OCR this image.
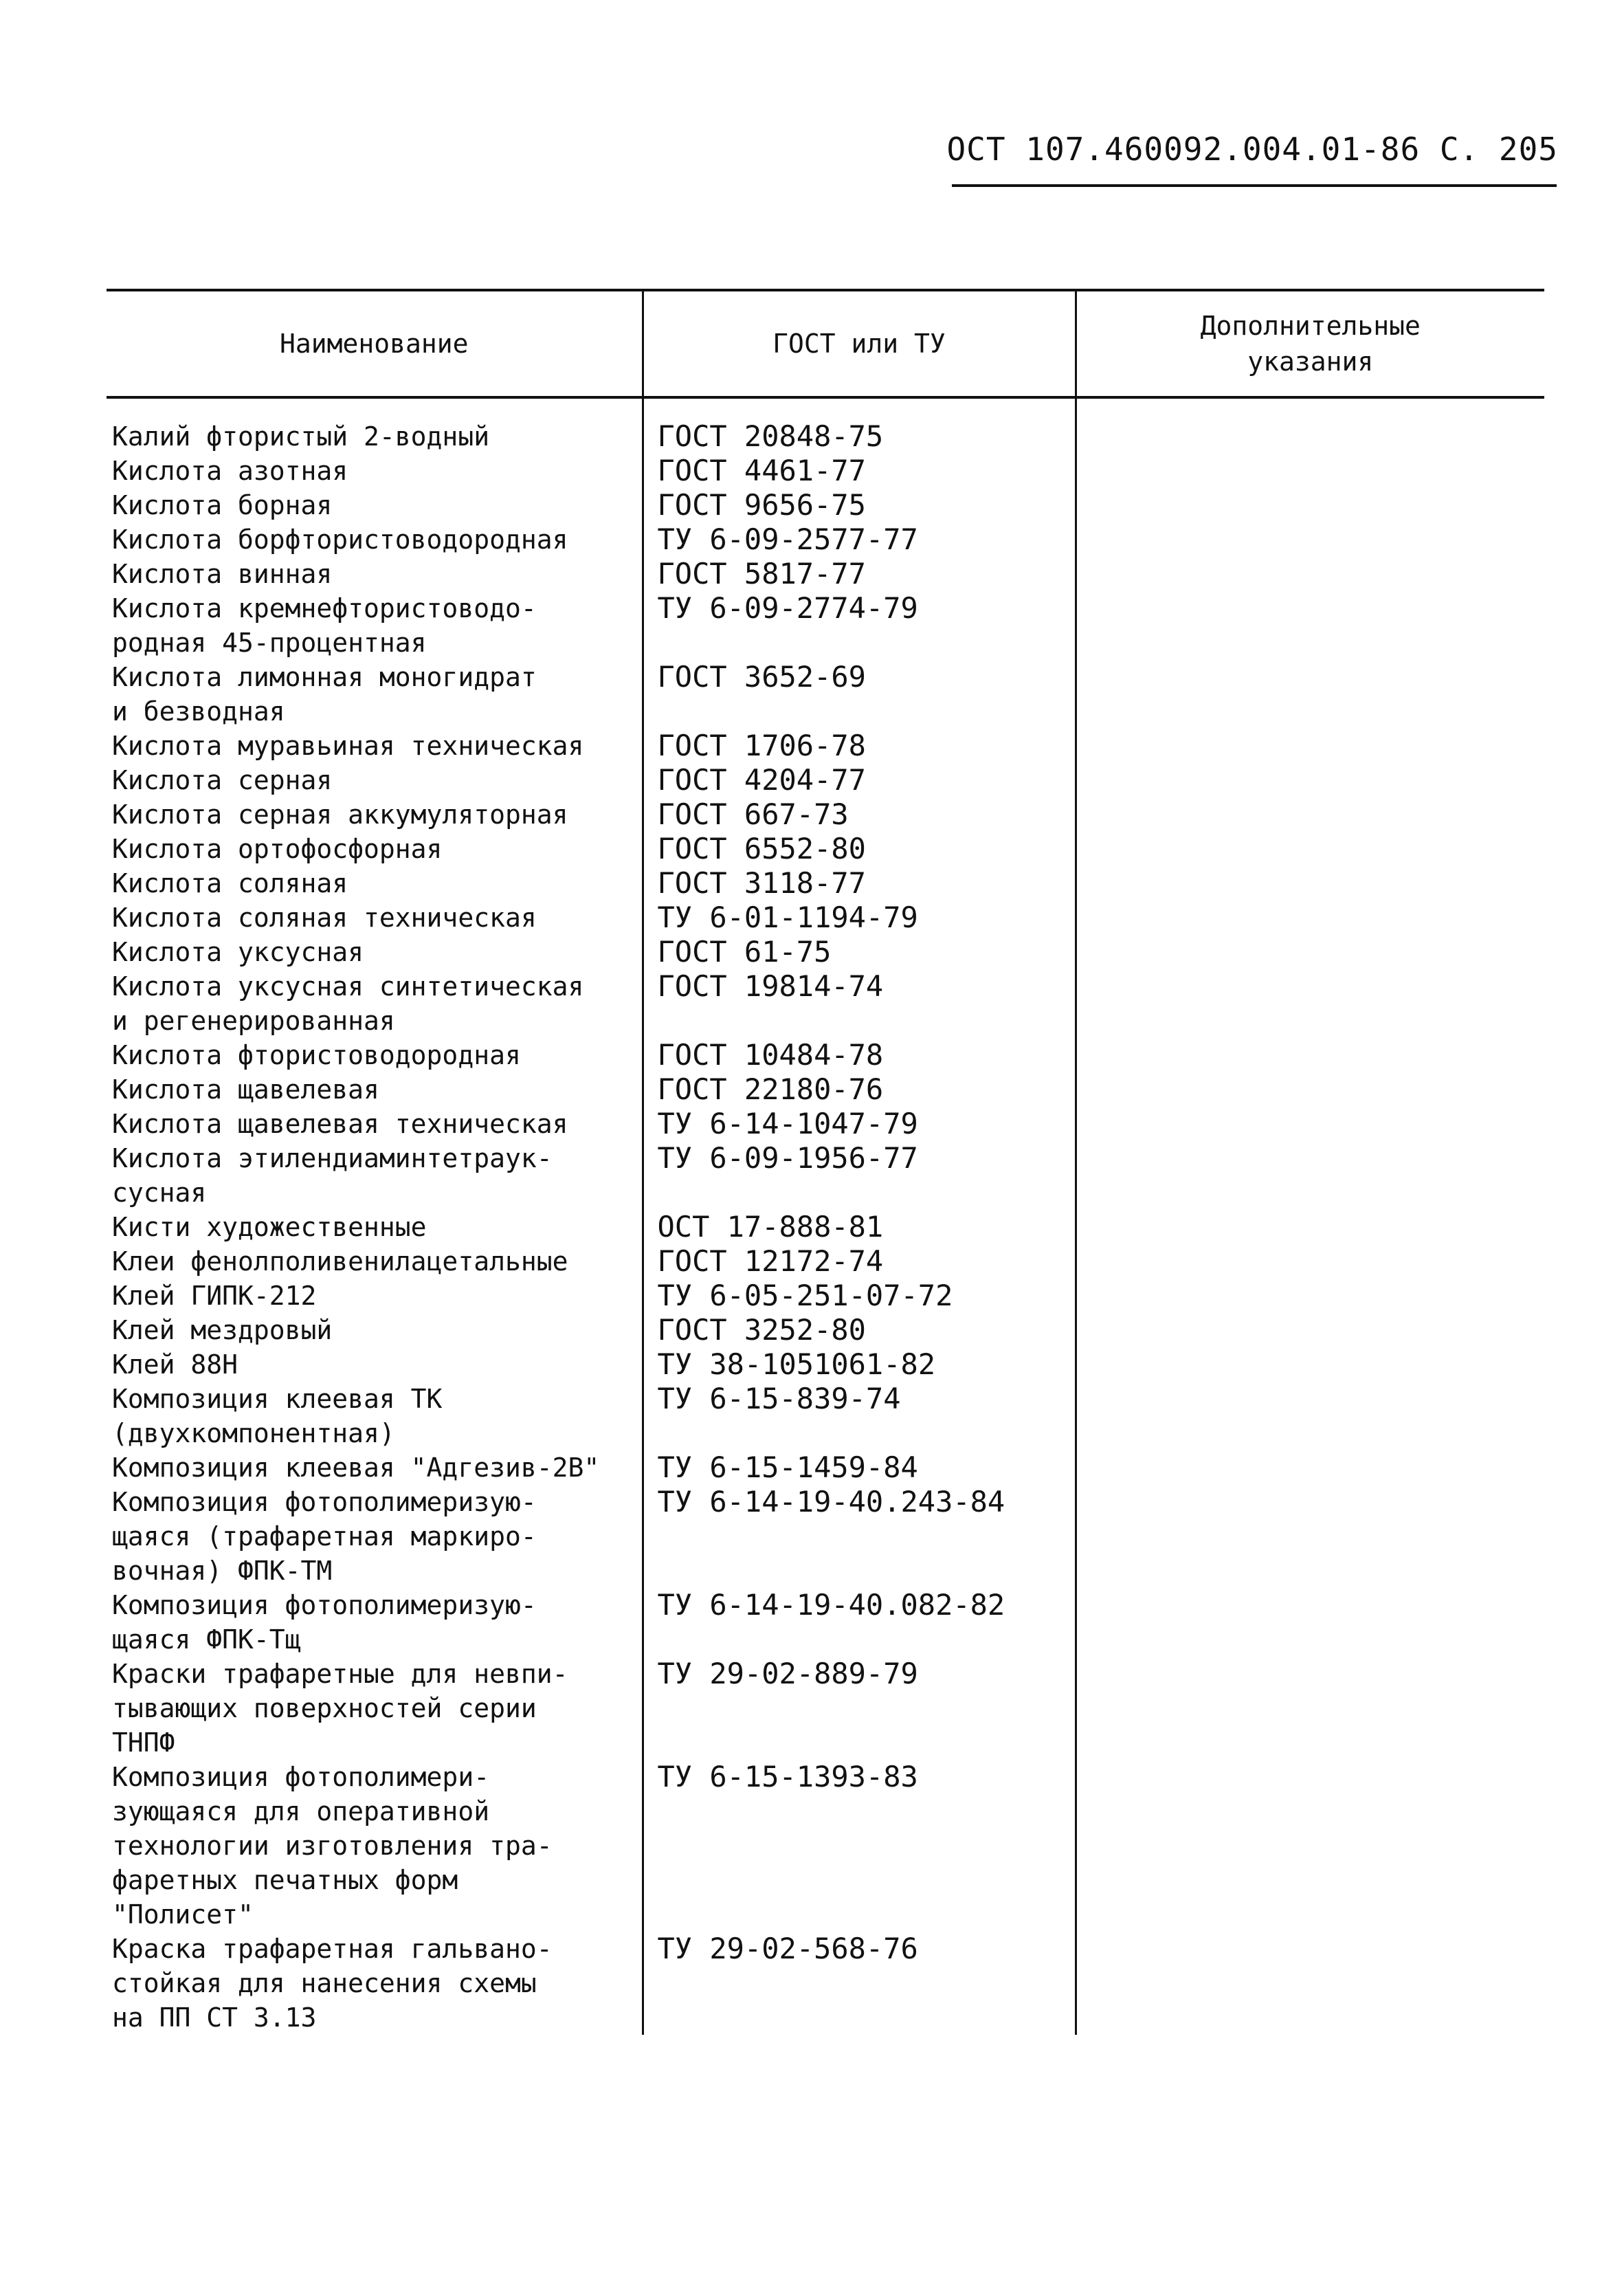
ОСТ 107.460092.004.01-86 С. 205
Наименование	ГОСТ или ТУ	Дополнительные
указания

Калий фтористый 2-водный	ГОСТ 20848-75	
Кислота азотная	ГОСТ 4461-77	
Кислота борная	ГОСТ 9656-75	
Кислота борфтористоводородная	ТУ 6-09-2577-77	
Кислота винная	ГОСТ 5817-77	
Кислота кремнефтористоводо-
родная 45-процентная	ТУ 6-09-2774-79	
Кислота лимонная моногидрат
и безводная	ГОСТ 3652-69	
Кислота муравьиная техническая	ГОСТ 1706-78	
Кислота серная	ГОСТ 4204-77	
Кислота серная аккумуляторная	ГОСТ 667-73	
Кислота ортофосфорная	ГОСТ 6552-80	
Кислота соляная	ГОСТ 3118-77	
Кислота соляная техническая	ТУ 6-01-1194-79	
Кислота уксусная	ГОСТ 61-75	
Кислота уксусная синтетическая
и регенерированная	ГОСТ 19814-74	
Кислота фтористоводородная	ГОСТ 10484-78	
Кислота щавелевая	ГОСТ 22180-76	
Кислота щавелевая техническая	ТУ 6-14-1047-79	
Кислота этилендиаминтетраук-
сусная	ТУ 6-09-1956-77	
Кисти художественные	ОСТ 17-888-81	
Клеи фенолполивенилацетальные	ГОСТ 12172-74	
Клей ГИПК-212	ТУ 6-05-251-07-72	
Клей мездровый	ГОСТ 3252-80	
Клей 88Н	ТУ 38-1051061-82	
Композиция клеевая ТК
(двухкомпонентная)	ТУ 6-15-839-74	
Композиция клеевая "Адгезив-2В"	ТУ 6-15-1459-84	
Композиция фотополимеризую-
щаяся (трафаретная маркиро-
вочная) ФПК-ТМ	ТУ 6-14-19-40.243-84	
Композиция фотополимеризую-
щаяся ФПК-Тщ	ТУ 6-14-19-40.082-82	
Краски трафаретные для невпи-
тывающих поверхностей серии
ТНПФ	ТУ 29-02-889-79	
Композиция фотополимери-
зующаяся для оперативной
технологии изготовления тра-
фаретных печатных форм
"Полисет"	ТУ 6-15-1393-83	
Краска трафаретная гальвано-
стойкая для нанесения схемы
на ПП СТ 3.13	ТУ 29-02-568-76	
